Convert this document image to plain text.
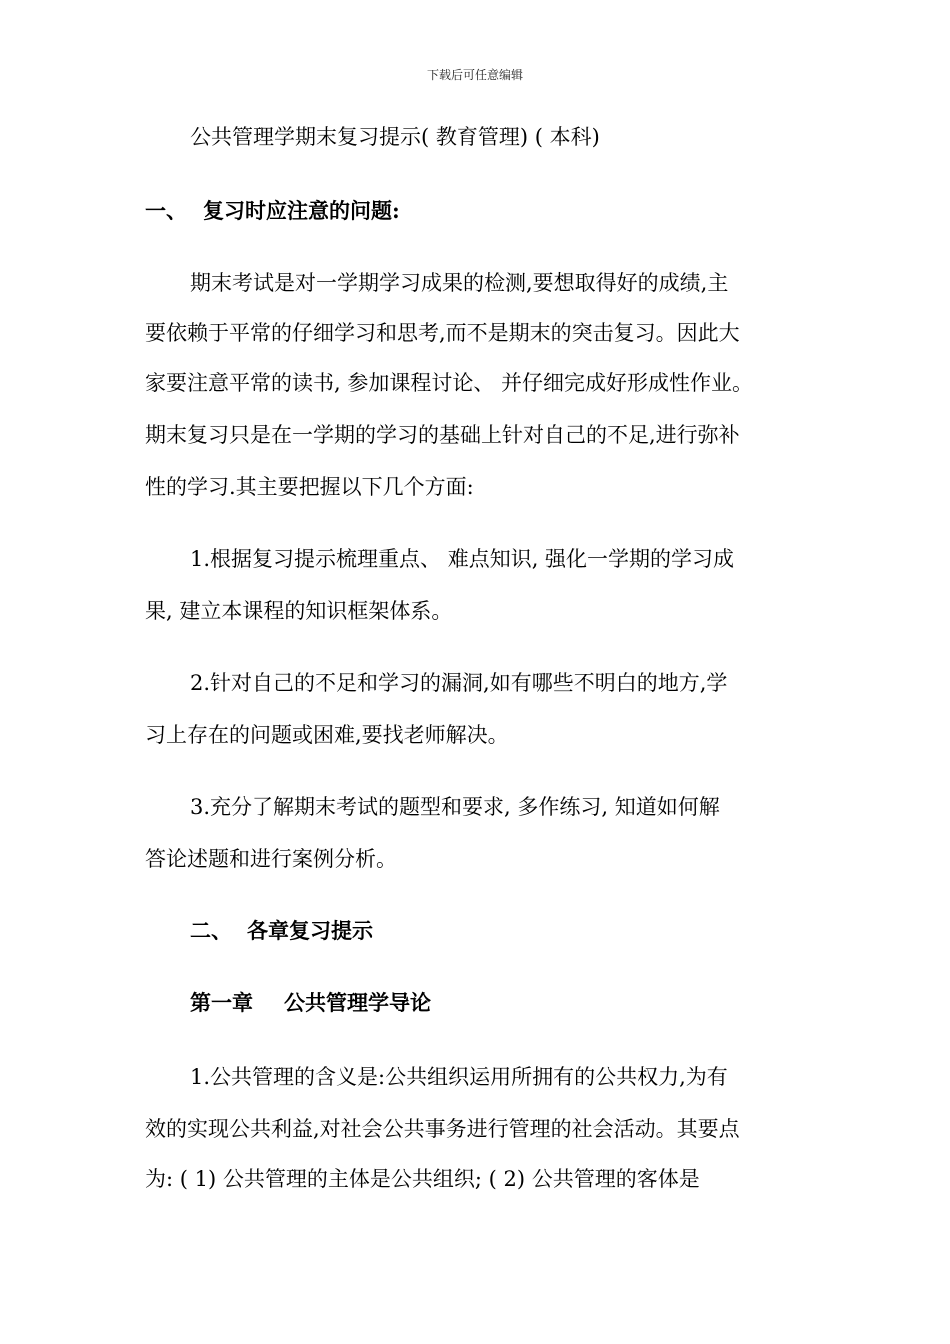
下载后可任意编辑
公共管理学期末复习提示( 教育管理) ( 本科)
一、 复习时应注意的问题:
期末考试是对一学期学习成果的检测,要想取得好的成绩,主
要依赖于平常的仔细学习和思考,而不是期末的突击复习。因此大
家要注意平常的读书, 参加课程讨论、 并仔细完成好形成性作业。
期末复习只是在一学期的学习的基础上针对自己的不足,进行弥补
性的学习.其主要把握以下几个方面:
1.根据复习提示梳理重点、 难点知识, 强化一学期的学习成
果, 建立本课程的知识框架体系。
2.针对自己的不足和学习的漏洞,如有哪些不明白的地方,学
习上存在的问题或困难,要找老师解决。
3.充分了解期末考试的题型和要求, 多作练习, 知道如何解
答论述题和进行案例分析。
二、 各章复习提示
第一章 公共管理学导论
1.公共管理的含义是:公共组织运用所拥有的公共权力,为有
效的实现公共利益,对社会公共事务进行管理的社会活动。其要点
为: ( 1) 公共管理的主体是公共组织; ( 2) 公共管理的客体是
